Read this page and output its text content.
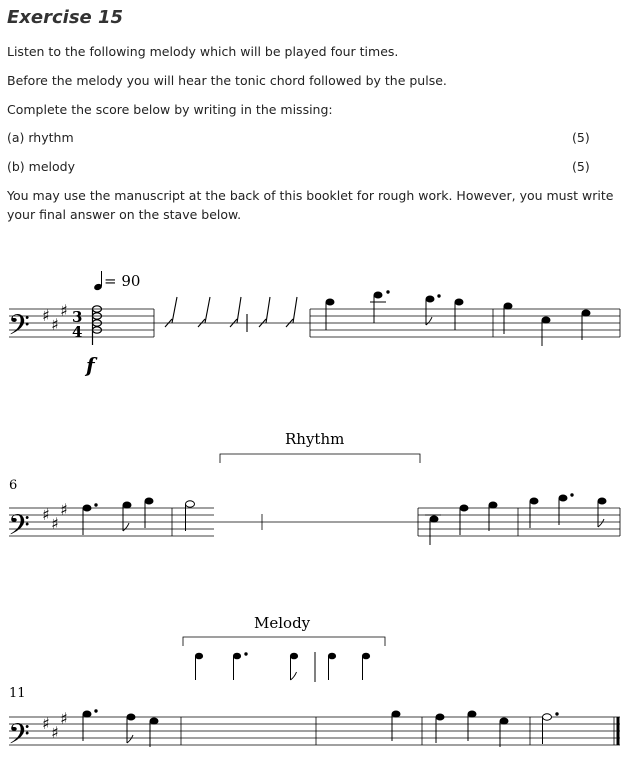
Exercise 15
Listen to the following melody which will be played four times.
Before the melody you will hear the tonic chord followed by the pulse.
Complete the score below by writing in the missing:
(a) rhythm	(5)
(b) melody	(5)
You may use the manuscript at the back of this booklet for rough work. However, you must write
your final answer on the stave below.
= 90
𝄢 ♯ ♯
♯ 3
4
f
Rhythm
6
𝄢 ♯ ♯
♯
Melody
11
𝄢 ♯ ♯
♯
